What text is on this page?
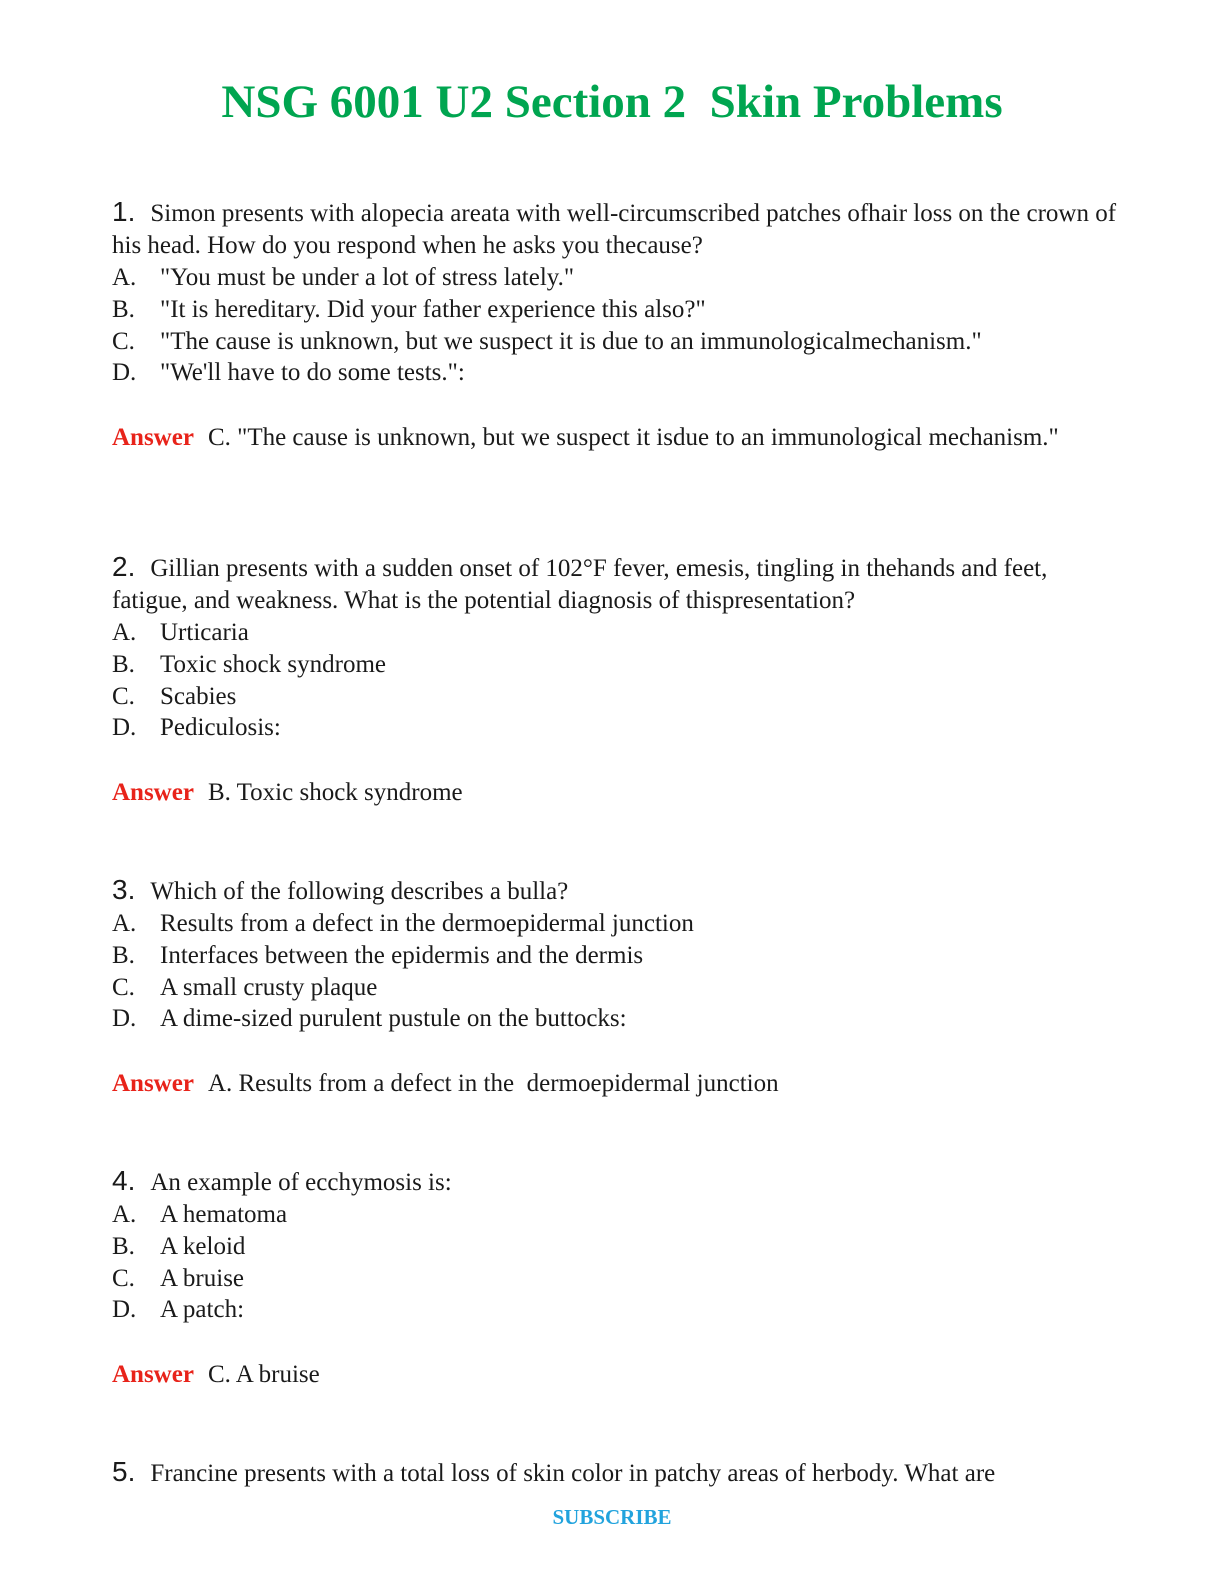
NSG 6001 U2 Section 2  Skin Problems

1. Simon presents with alopecia areata with well-circumscribed patches ofhair loss on the crown of his head. How do you respond when he asks you thecause?

A. "You must be under a lot of stress lately."
B. "It is hereditary. Did your father experience this also?"
C. "The cause is unknown, but we suspect it is due to an immunologicalmechanism."
D. "We'll have to do some tests.":

Answer C. "The cause is unknown, but we suspect it isdue to an immunological mechanism."

2. Gillian presents with a sudden onset of 102°F fever, emesis, tingling in thehands and feet, fatigue, and weakness. What is the potential diagnosis of thispresentation?

A. Urticaria
B. Toxic shock syndrome
C. Scabies
D. Pediculosis:

Answer B. Toxic shock syndrome

3. Which of the following describes a bulla?

A. Results from a defect in the dermoepidermal junction
B. Interfaces between the epidermis and the dermis
C. A small crusty plaque
D. A dime-sized purulent pustule on the buttocks:

Answer A. Results from a defect in the  dermoepidermal junction

4. An example of ecchymosis is:

A. A hematoma
B. A keloid
C. A bruise
D. A patch:

Answer C. A bruise

5. Francine presents with a total loss of skin color in patchy areas of herbody. What are

SUBSCRIBE
